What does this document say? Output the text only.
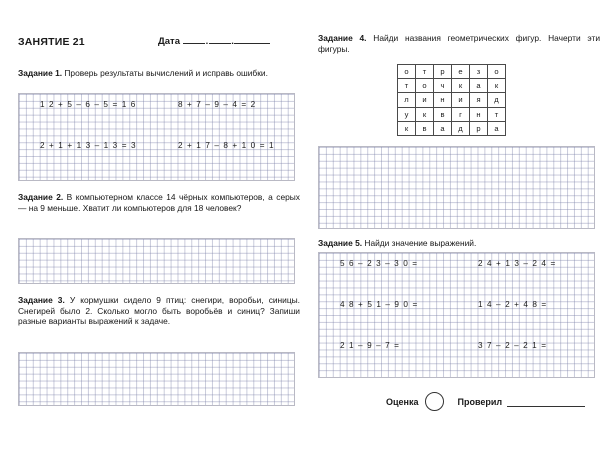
ЗАНЯТИЕ 21	Дата	. .

Задание 1. Проверь результаты вычислений и исправь ошибки.

1 2 + 5 – 6 – 5 = 1 6	8 + 7 – 9 – 4 = 2
2 + 1 + 1 3 – 1 3 = 3	2 + 1 7 – 8 + 1 0 = 1

Задание 2. В компьютерном классе 14 чёрных компьютеров, а серых — на 9 меньше. Хватит ли компьютеров для 18 человек?

Задание 3. У кормушки сидело 9 птиц: снегири, воробьи, синицы. Снегирей было 2. Сколько могло быть воробьёв и синиц? Запиши разные варианты выражений к задаче.

Задание 4. Найди названия геометрических фигур. Начерти эти фигуры.

о	т	р	е	з	о
т	о	ч	к	а	к
л	и	н	и	я	д
у	к	в	г	н	т
к	в	а	д	р	а

Задание 5. Найди значение выражений.

5 6 – 2 3 – 3 0 =	2 4 + 1 3 – 2 4 =
4 8 + 5 1 – 9 0 =	1 4 – 2 + 4 8 =
2 1 – 9 – 7 =	3 7 – 2 – 2 1 =
Оценка	Проверил
